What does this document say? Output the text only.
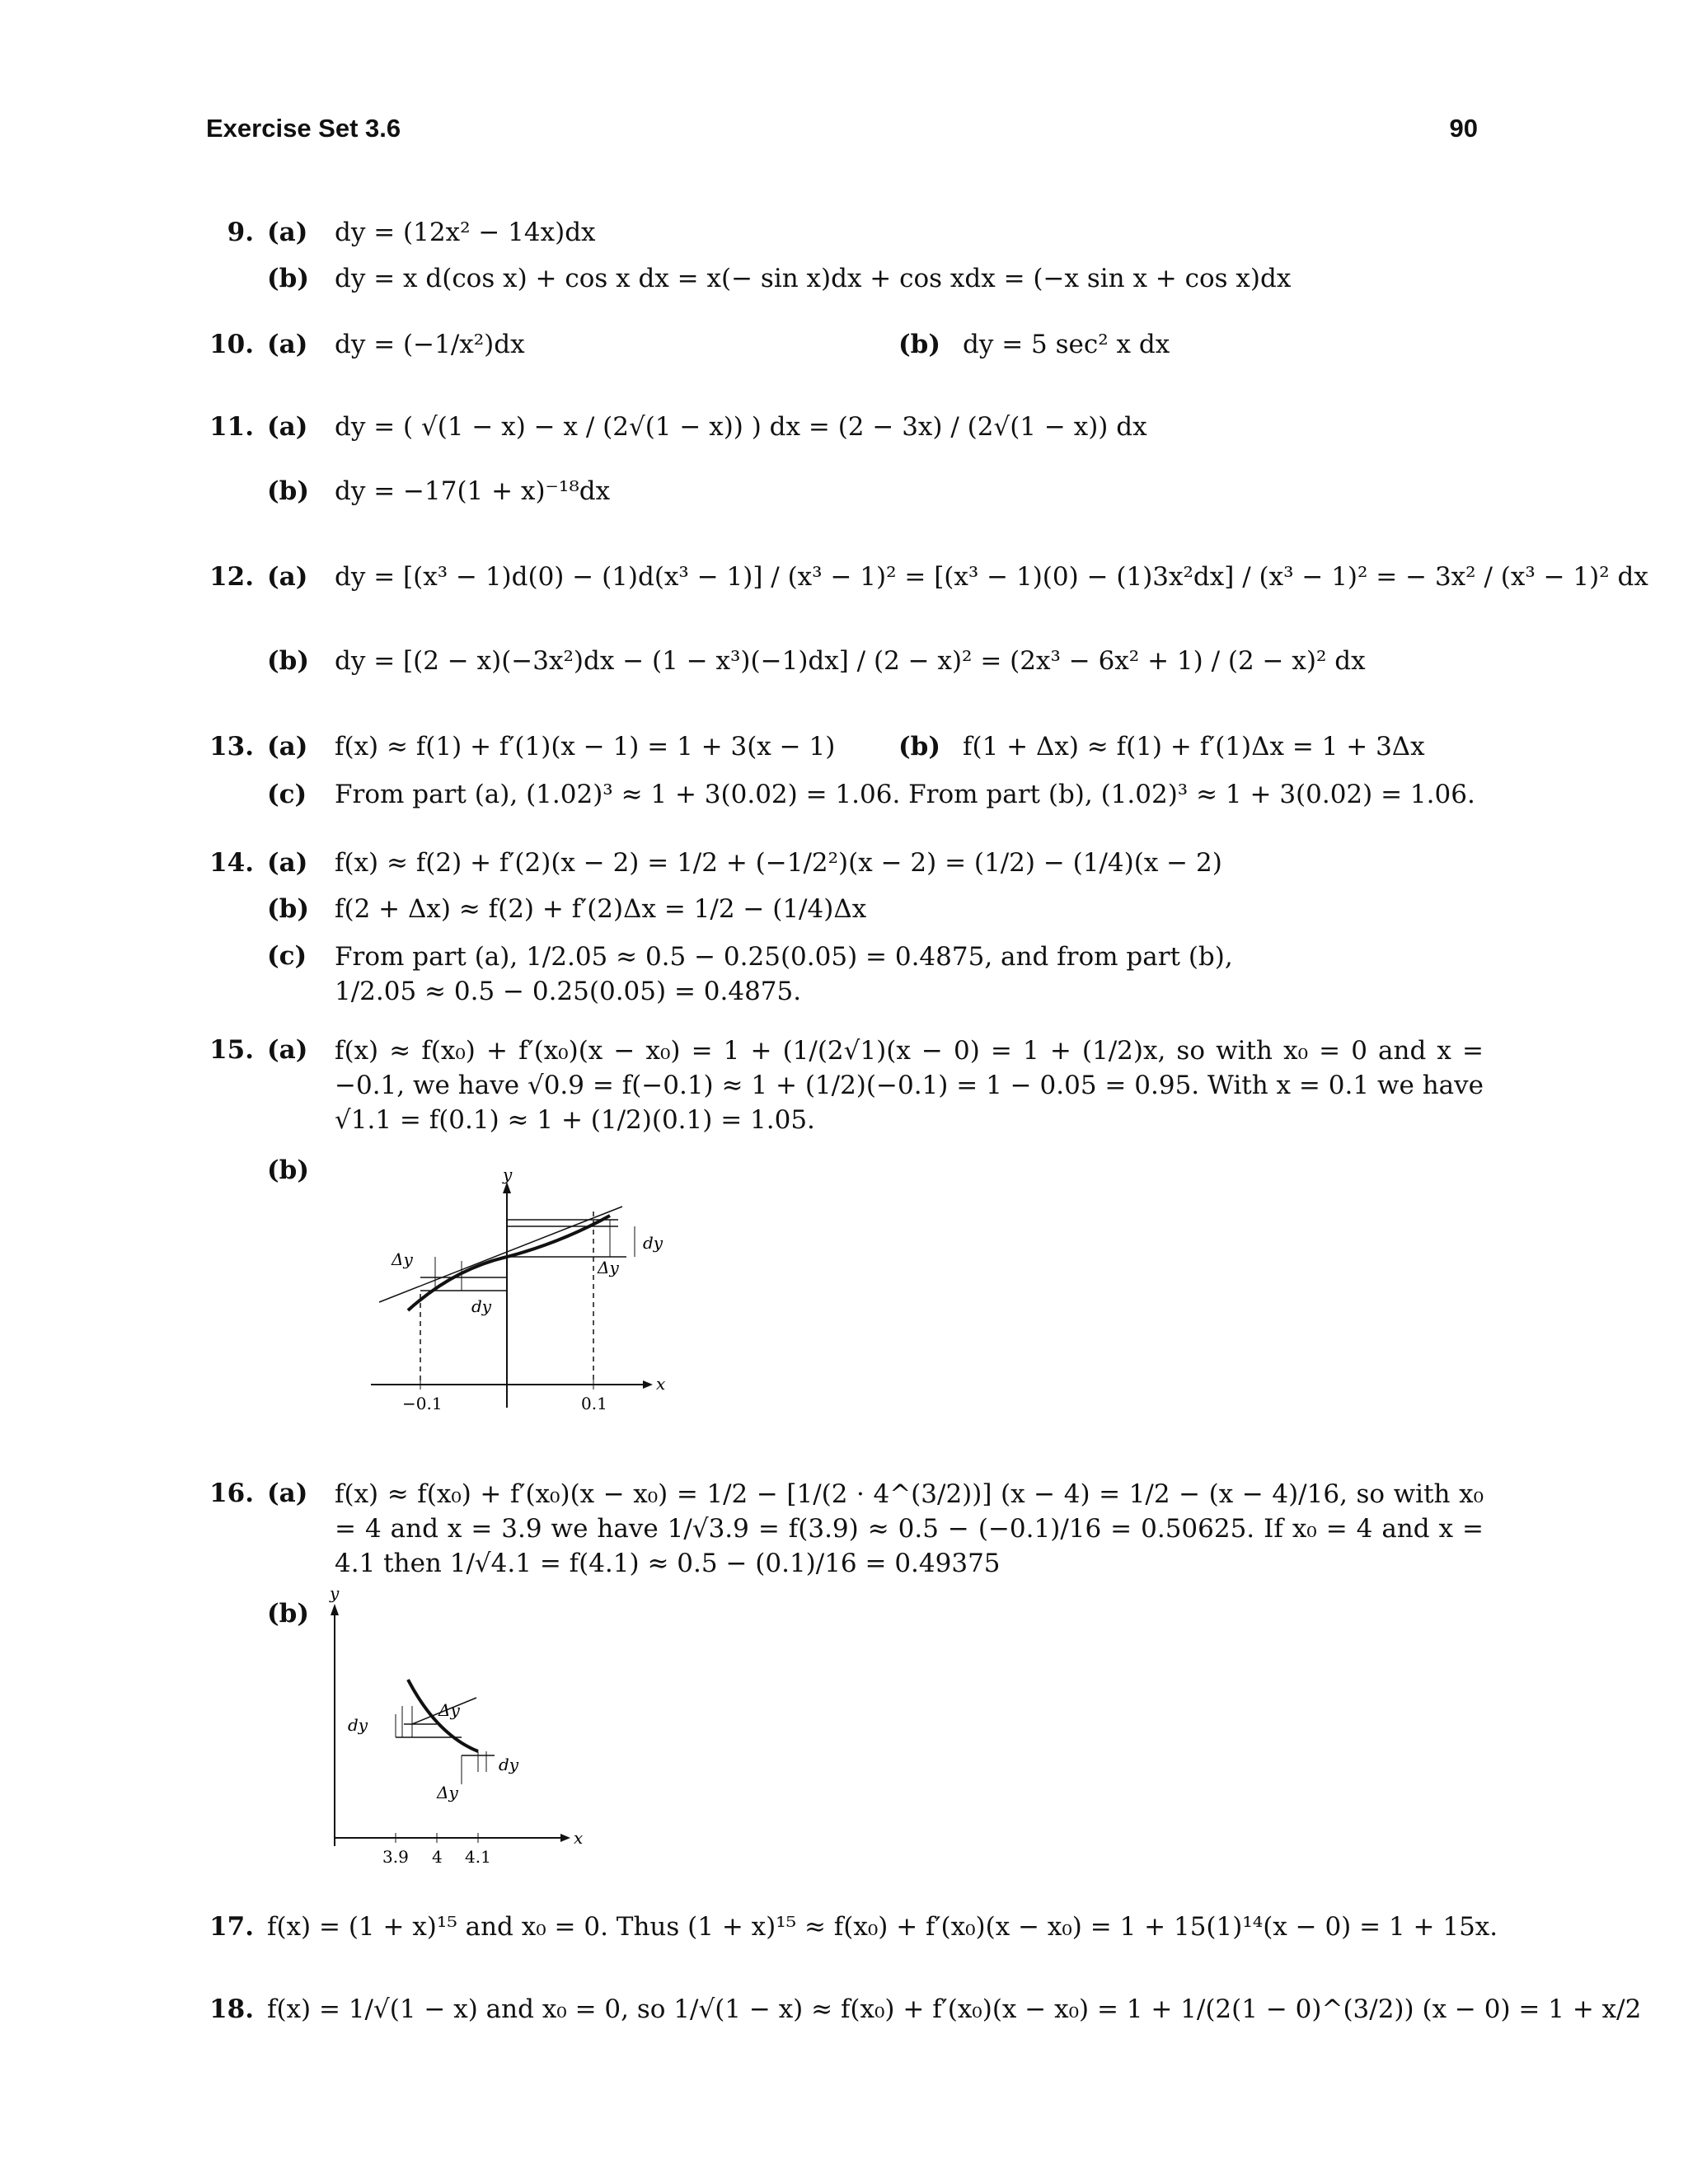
Exercise Set 3.6	90
9. (a) dy = (12x² − 14x)dx
(b) dy = x d(cos x) + cos x dx = x(− sin x)dx + cos xdx = (−x sin x + cos x)dx
10. (a) dy = (−1/x²)dx	(b) dy = 5 sec² x dx
11. (a) dy = ( √(1 − x) − x / (2√(1 − x)) ) dx = (2 − 3x) / (2√(1 − x)) dx
(b) dy = −17(1 + x)⁻¹⁸dx
12. (a) dy = [(x³ − 1)d(0) − (1)d(x³ − 1)] / (x³ − 1)² = [(x³ − 1)(0) − (1)3x²dx] / (x³ − 1)² = − 3x² / (x³ − 1)² dx
(b) dy = [(2 − x)(−3x²)dx − (1 − x³)(−1)dx] / (2 − x)² = (2x³ − 6x² + 1) / (2 − x)² dx
13. (a) f(x) ≈ f(1) + f′(1)(x − 1) = 1 + 3(x − 1) (b) f(1 + Δx) ≈ f(1) + f′(1)Δx = 1 + 3Δx
(c) From part (a), (1.02)³ ≈ 1 + 3(0.02) = 1.06. From part (b), (1.02)³ ≈ 1 + 3(0.02) = 1.06.
14. (a) f(x) ≈ f(2) + f′(2)(x − 2) = 1/2 + (−1/2²)(x − 2) = (1/2) − (1/4)(x − 2)
(b) f(2 + Δx) ≈ f(2) + f′(2)Δx = 1/2 − (1/4)Δx
(c) From part (a), 1/2.05 ≈ 0.5 − 0.25(0.05) = 0.4875, and from part (b), 1/2.05 ≈ 0.5 − 0.25(0.05) = 0.4875.
15. (a) f(x) ≈ f(x₀) + f′(x₀)(x − x₀) = 1 + (1/(2√1)(x − 0) = 1 + (1/2)x, so with x₀ = 0 and x = −0.1, we have √0.9 = f(−0.1) ≈ 1 + (1/2)(−0.1) = 1 − 0.05 = 0.95. With x = 0.1 we have √1.1 = f(0.1) ≈ 1 + (1/2)(0.1) = 1.05.
(b)	y
x
−0.1	0.1
Δy
dy
Δy
dy
16. (a) f(x) ≈ f(x₀) + f′(x₀)(x − x₀) = 1/2 − [1/(2 · 4^(3/2))] (x − 4) = 1/2 − (x − 4)/16, so with x₀ = 4 and x = 3.9 we have 1/√3.9 = f(3.9) ≈ 0.5 − (−0.1)/16 = 0.50625. If x₀ = 4 and x = 4.1 then 1/√4.1 = f(4.1) ≈ 0.5 − (0.1)/16 = 0.49375
(b)
y
x
3.9 4 4.1
dy
Δy
dy
Δy
17. f(x) = (1 + x)¹⁵ and x₀ = 0. Thus (1 + x)¹⁵ ≈ f(x₀) + f′(x₀)(x − x₀) = 1 + 15(1)¹⁴(x − 0) = 1 + 15x.
18. f(x) = 1/√(1 − x) and x₀ = 0, so 1/√(1 − x) ≈ f(x₀) + f′(x₀)(x − x₀) = 1 + 1/(2(1 − 0)^(3/2)) (x − 0) = 1 + x/2
